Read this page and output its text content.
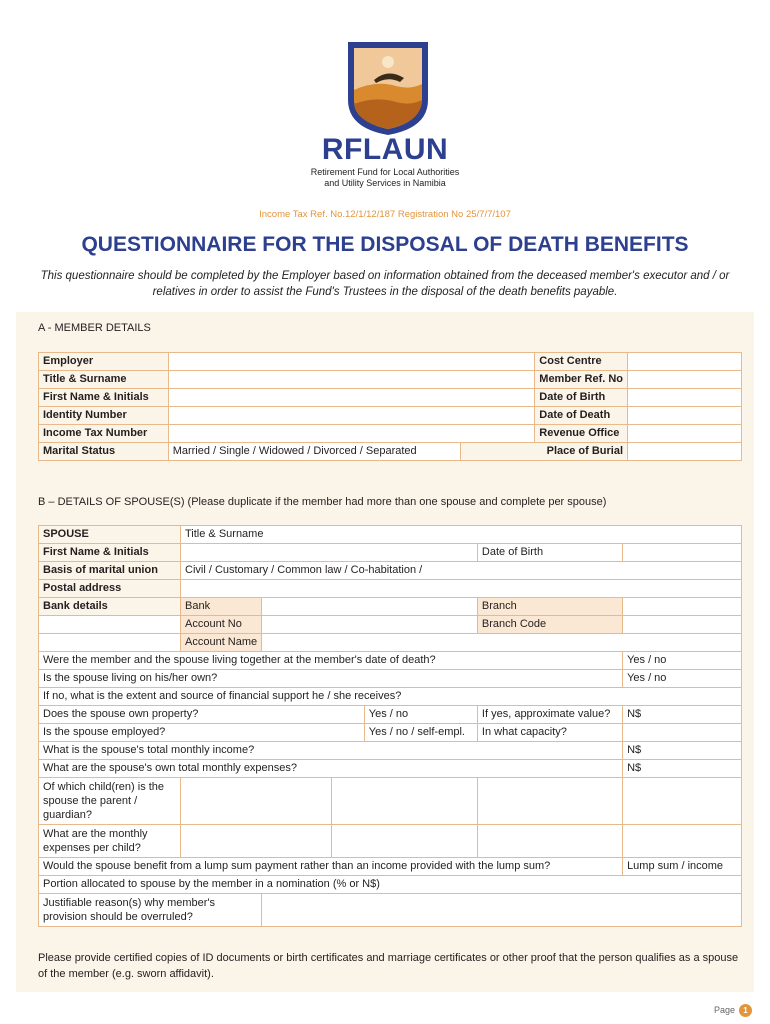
RFLAUN
Retirement Fund for Local Authorities
and Utility Services in Namibia
Income Tax Ref. No.12/1/12/187 Registration No 25/7/7/107
QUESTIONNAIRE FOR THE DISPOSAL OF DEATH BENEFITS
This questionnaire should be completed by the Employer based on information obtained from the deceased member's executor and / or
relatives in order to assist the Fund's Trustees in the disposal of the death benefits payable.
A - MEMBER DETAILS
Employer			Cost Centre	
Title & Surname			Member Ref. No	
First Name & Initials			Date of Birth	
Identity Number			Date of Death	
Income Tax Number			Revenue Office	
Marital Status	Married / Single / Widowed / Divorced / Separated	Place of Burial		
B – DETAILS OF SPOUSE(S) (Please duplicate if the member had more than one spouse and complete per spouse)
SPOUSE	Title & Surname					
First Name & Initials					Date of Birth	
Basis of marital union	Civil / Customary / Common law / Co-habitation /					
Postal address						
Bank details	Bank				Branch	
	Account No				Branch Code	
	Account Name					
Were the member and the spouse living together at the member's date of death?						Yes / no
Is the spouse living on his/her own?						Yes / no
If no, what is the extent and source of financial support he / she receives?						
Does the spouse own property?				Yes / no	If yes, approximate value?	N$
Is the spouse employed?				Yes / no / self-empl.	In what capacity?	
What is the spouse's total monthly income?						N$
What are the spouse's own total monthly expenses?						N$
Of which child(ren) is the spouse the parent / guardian?						
What are the monthly expenses per child?						
Would the spouse benefit from a lump sum payment rather than an income provided with the lump sum?						Lump sum / income
Portion allocated to spouse by the member in a nomination (% or N$)						
Justifiable reason(s) why member's provision should be overruled?						
Please provide certified copies of ID documents or birth certificates and marriage certificates or other proof that the person qualifies as a spouse of the member (e.g. sworn affidavit).
Page 1
